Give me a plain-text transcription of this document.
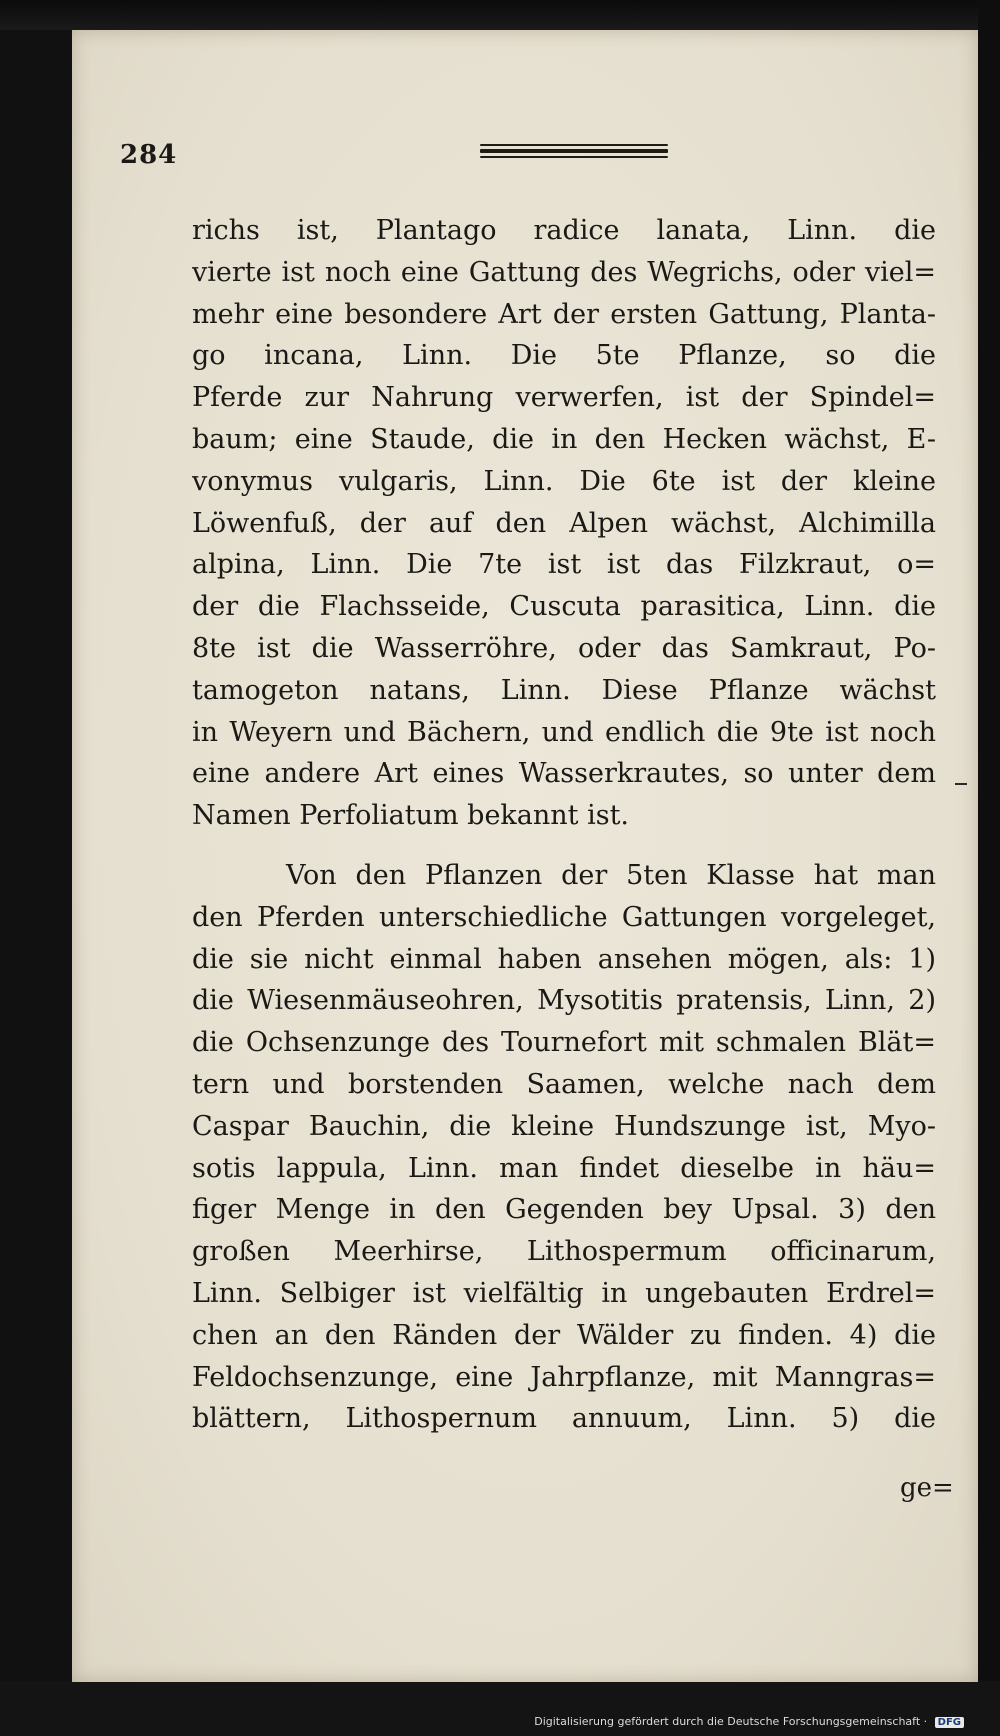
284
richs ist, Plantago radice lanata, Linn. die
vierte ist noch eine Gattung des Wegrichs, oder viel=
mehr eine besondere Art der ersten Gattung, Planta-
go incana, Linn. Die 5te Pflanze, so die
Pferde zur Nahrung verwerfen, ist der Spindel=
baum; eine Staude, die in den Hecken wächst, E-
vonymus vulgaris, Linn. Die 6te ist der kleine
Löwenfuß, der auf den Alpen wächst, Alchimilla
alpina, Linn. Die 7te ist ist das Filzkraut, o=
der die Flachsseide, Cuscuta parasitica, Linn. die
8te ist die Wasserröhre, oder das Samkraut, Po-
tamogeton natans, Linn. Diese Pflanze wächst
in Weyern und Bächern, und endlich die 9te ist noch
eine andere Art eines Wasserkrautes, so unter dem
Namen Perfoliatum bekannt ist.
Von den Pflanzen der 5ten Klasse hat man
den Pferden unterschiedliche Gattungen vorgeleget,
die sie nicht einmal haben ansehen mögen, als: 1)
die Wiesenmäuseohren, Mysotitis pratensis, Linn, 2)
die Ochsenzunge des Tournefort mit schmalen Blät=
tern und borstenden Saamen, welche nach dem
Caspar Bauchin, die kleine Hundszunge ist, Myo-
sotis lappula, Linn. man findet dieselbe in häu=
figer Menge in den Gegenden bey Upsal. 3) den
großen Meerhirse, Lithospermum officinarum,
Linn. Selbiger ist vielfältig in ungebauten Erdrel=
chen an den Ränden der Wälder zu finden. 4) die
Feldochsenzunge, eine Jahrpflanze, mit Manngras=
blättern, Lithospernum annuum, Linn. 5) die
ge=
Digitalisierung gefördert durch die Deutsche Forschungsgemeinschaft · DFG
